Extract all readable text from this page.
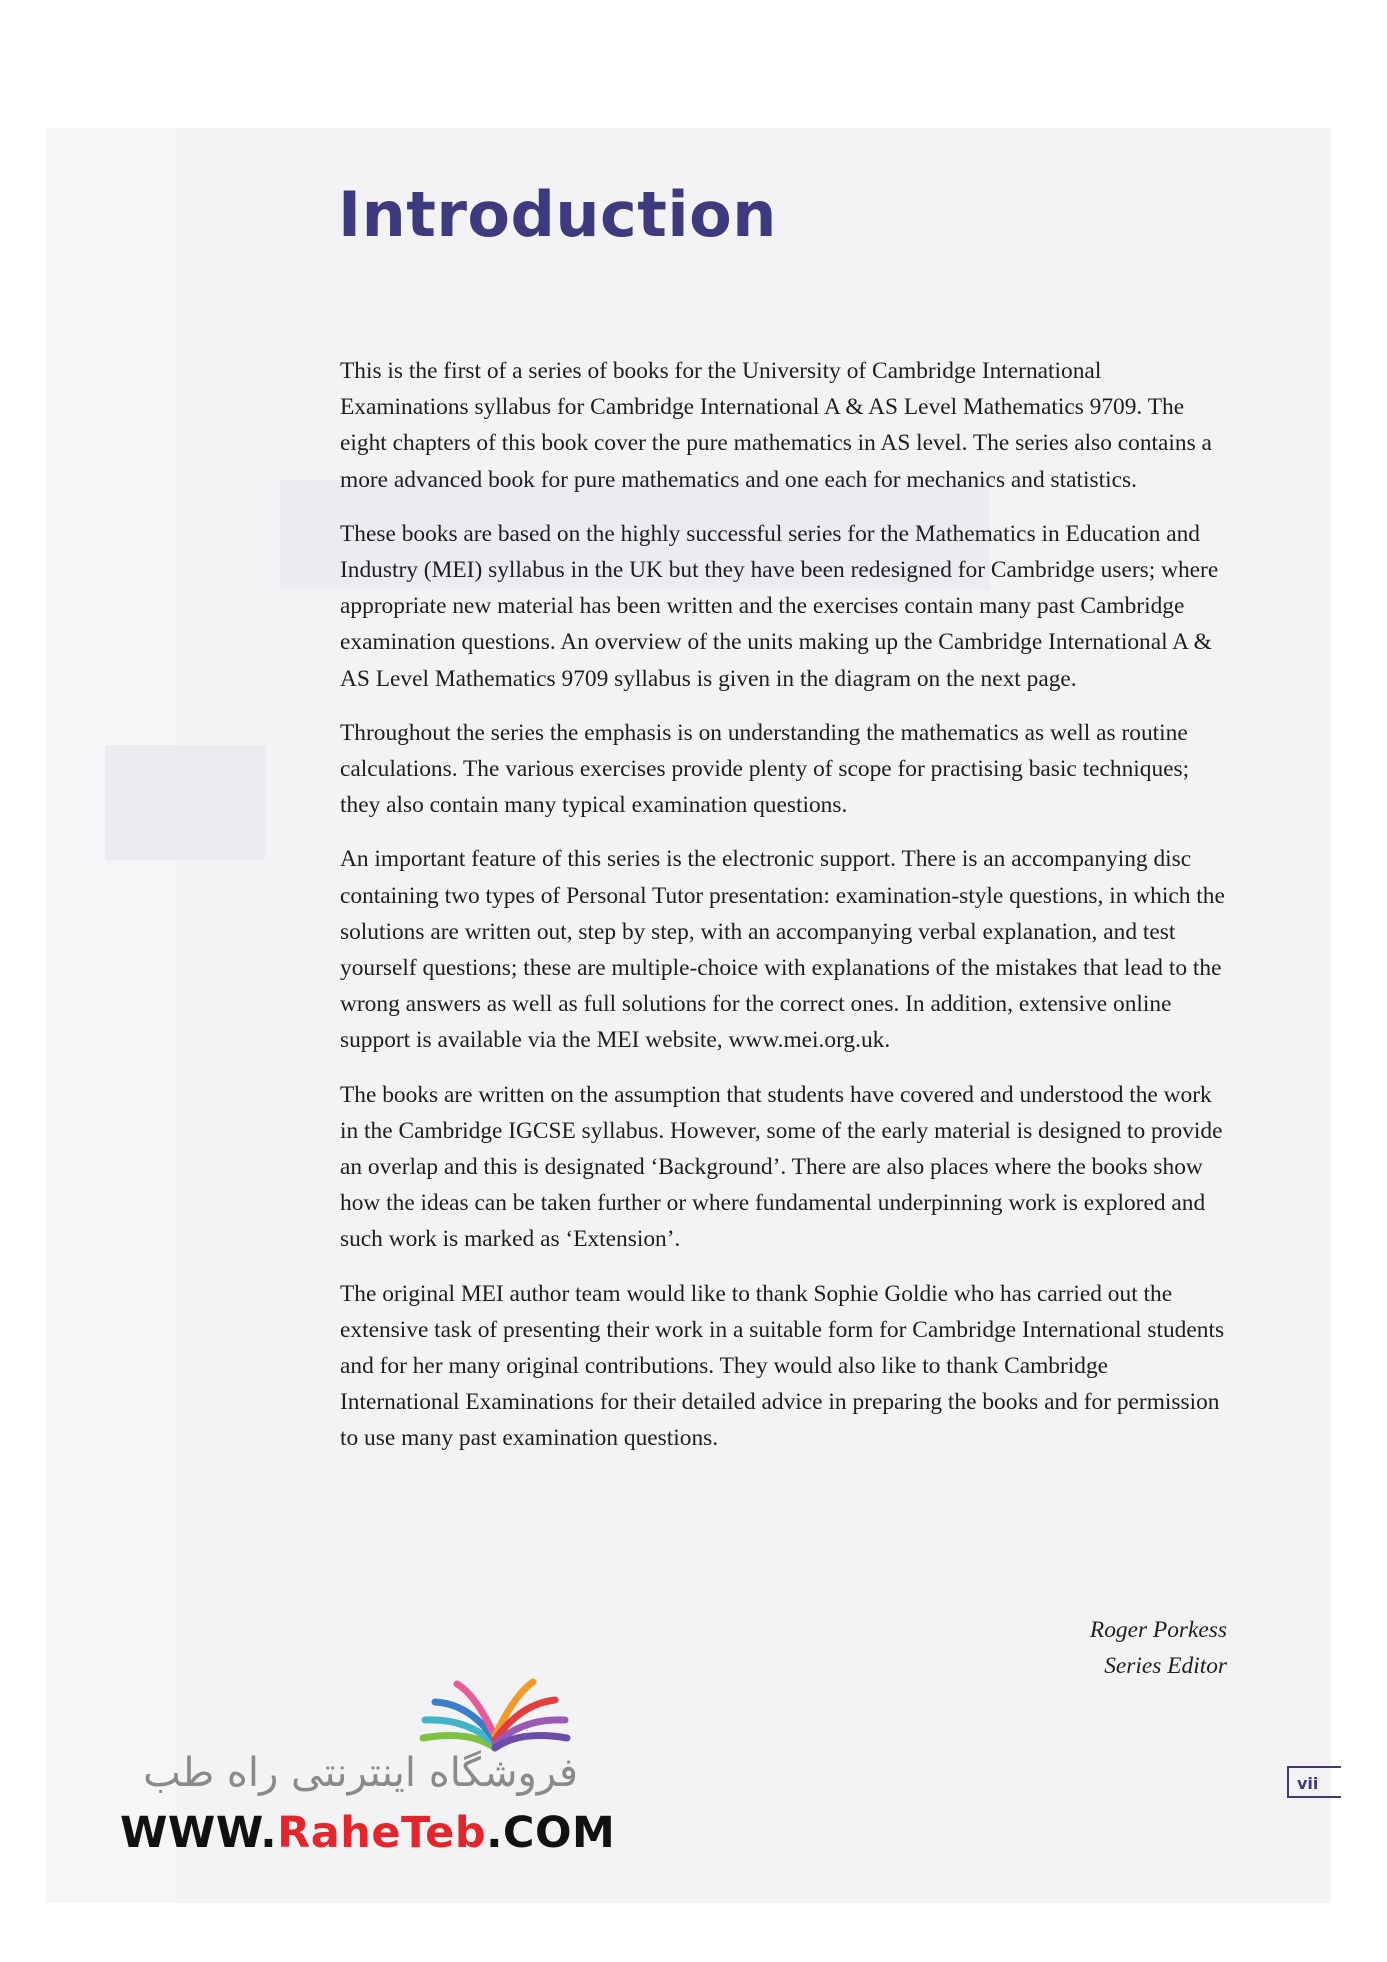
Introduction

This is the first of a series of books for the University of Cambridge International Examinations syllabus for Cambridge International A & AS Level Mathematics 9709. The eight chapters of this book cover the pure mathematics in AS level. The series also contains a more advanced book for pure mathematics and one each for mechanics and statistics.

These books are based on the highly successful series for the Mathematics in Education and Industry (MEI) syllabus in the UK but they have been redesigned for Cambridge users; where appropriate new material has been written and the exercises contain many past Cambridge examination questions. An overview of the units making up the Cambridge International A & AS Level Mathematics 9709 syllabus is given in the diagram on the next page.

Throughout the series the emphasis is on understanding the mathematics as well as routine calculations. The various exercises provide plenty of scope for practising basic techniques; they also contain many typical examination questions.

An important feature of this series is the electronic support. There is an accompanying disc containing two types of Personal Tutor presentation: examination-style questions, in which the solutions are written out, step by step, with an accompanying verbal explanation, and test yourself questions; these are multiple-choice with explanations of the mistakes that lead to the wrong answers as well as full solutions for the correct ones. In addition, extensive online support is available via the MEI website, www.mei.org.uk.

The books are written on the assumption that students have covered and understood the work in the Cambridge IGCSE syllabus. However, some of the early material is designed to provide an overlap and this is designated ‘Background’. There are also places where the books show how the ideas can be taken further or where fundamental underpinning work is explored and such work is marked as ‘Extension’.

The original MEI author team would like to thank Sophie Goldie who has carried out the extensive task of presenting their work in a suitable form for Cambridge International students and for her many original contributions. They would also like to thank Cambridge International Examinations for their detailed advice in preparing the books and for permission to use many past examination questions.

Roger Porkess
Series Editor
vii
فروشگاه اینترنتی راه طب
WWW.RaheTeb.COM
